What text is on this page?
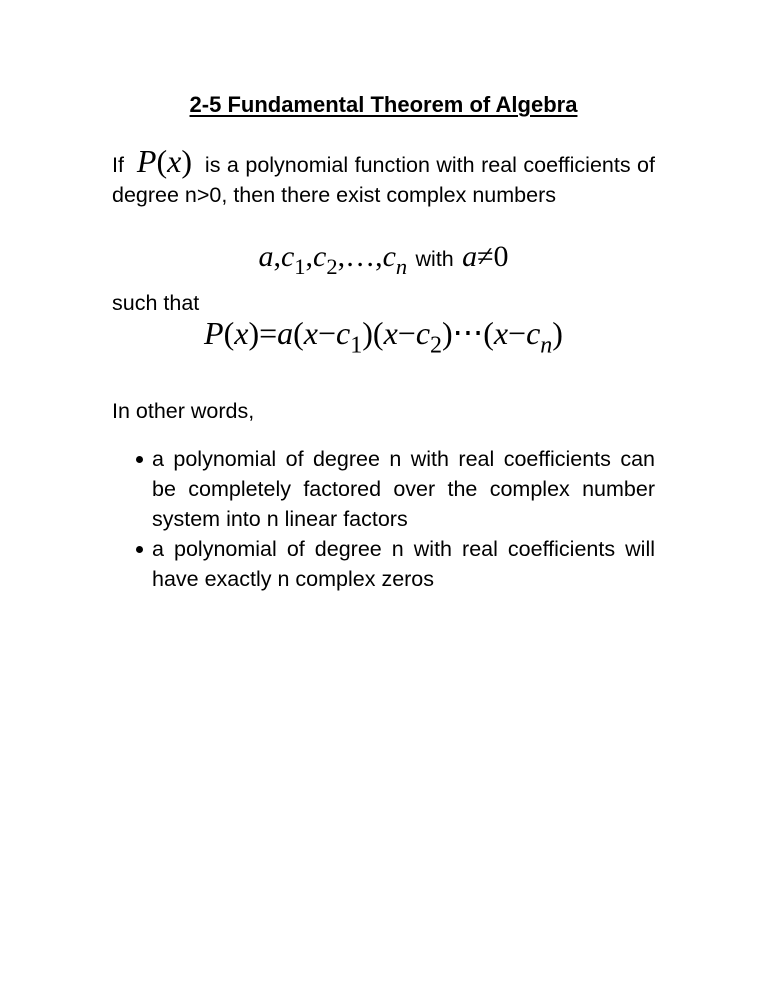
2-5 Fundamental Theorem of Algebra
If P(x) is a polynomial function with real coefficients of degree n>0, then there exist complex numbers
$a,c_1,c_2,\dots,c_n$ with a≠0
such that
$P(x)=a(x-c_1)(x-c_2)\cdot\cdot\cdot(x-c_n)$
In other words,
a polynomial of degree n with real coefficients can be completely factored over the complex number system into n linear factors
a polynomial of degree n with real coefficients will have exactly n complex zeros
